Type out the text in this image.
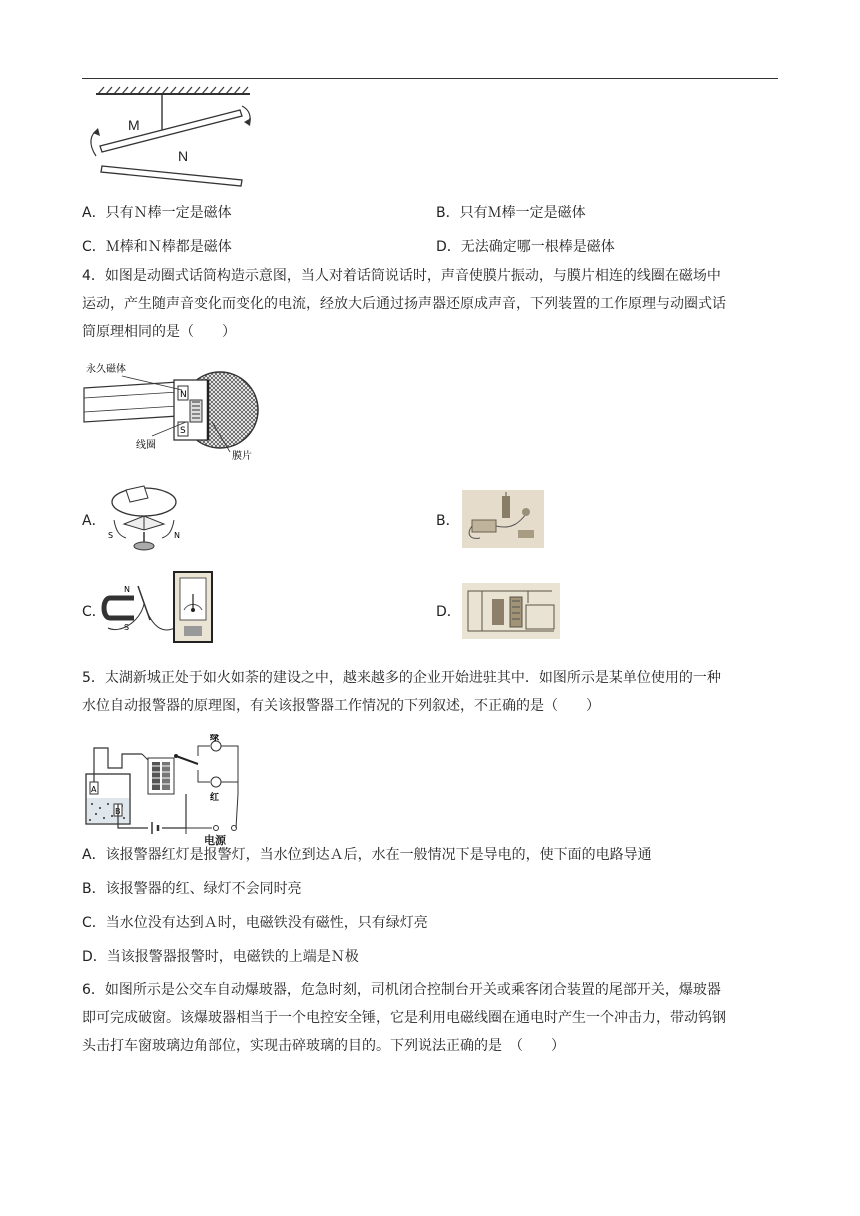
M
N
A．只有Ｎ棒一定是磁体	B．只有Ｍ棒一定是磁体
C．Ｍ棒和Ｎ棒都是磁体	D．无法确定哪一根棒是磁体
4．如图是动圈式话筒构造示意图，当人对着话筒说话时，声音使膜片振动，与膜片相连的线圈在磁场中
运动，产生随声音变化而变化的电流，经放大后通过扬声器还原成声音，下列装置的工作原理与动圈式话
筒原理相同的是（　　）
N
S
永久磁体
线圈
膜片
A．
S	N
B．
C．
N
S
D．
5．太湖新城正处于如火如荼的建设之中，越来越多的企业开始进驻其中．如图所示是某单位使用的一种
水位自动报警器的原理图，有关该报警器工作情况的下列叙述，不正确的是（　　）
A
B
绿
红
电源
A．该报警器红灯是报警灯，当水位到达Ａ后，水在一般情况下是导电的，使下面的电路导通
B．该报警器的红、绿灯不会同时亮
C．当水位没有达到Ａ时，电磁铁没有磁性，只有绿灯亮
D．当该报警器报警时，电磁铁的上端是Ｎ极
6．如图所示是公交车自动爆玻器，危急时刻，司机闭合控制台开关或乘客闭合装置的尾部开关，爆玻器
即可完成破窗。该爆玻器相当于一个电控安全锤，它是利用电磁线圈在通电时产生一个冲击力，带动钨钢
头击打车窗玻璃边角部位，实现击碎玻璃的目的。下列说法正确的是　（　　）
